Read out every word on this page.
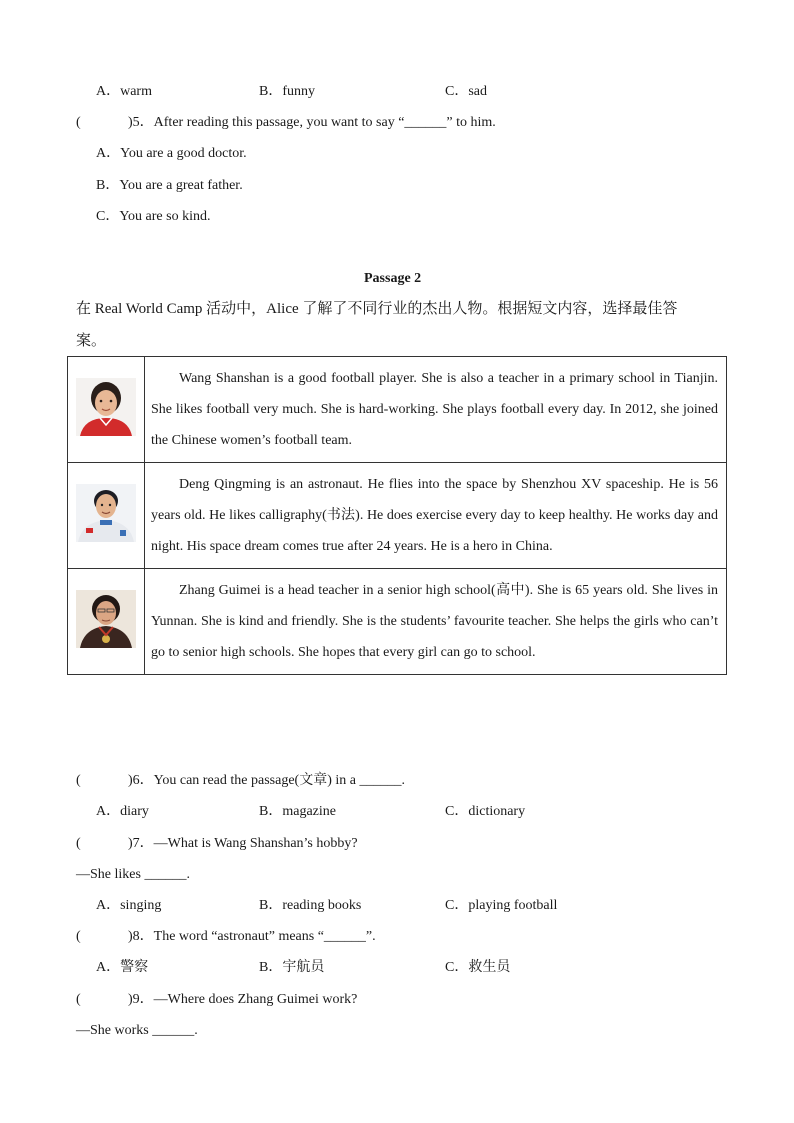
A．warm	B．funny	C．sad
(	)5．After reading this passage, you want to say “______” to him.
A．You are a good doctor.
B．You are a great father.
C．You are so kind.
Passage 2
在 Real World Camp 活动中，Alice 了解了不同行业的杰出人物。根据短文内容，选择最佳答
案。

Wang Shanshan is a good football player. She is also a teacher in a primary school in Tianjin. She likes football very much. She is hard-working. She plays football every day. In 2012, she joined the Chinese women’s football team.

Deng Qingming is an astronaut. He flies into the space by Shenzhou XV spaceship. He is 56 years old. He likes calligraphy(书法). He does exercise every day to keep healthy. He works day and night. His space dream comes true after 24 years. He is a hero in China.

Zhang Guimei is a head teacher in a senior high school(高中). She is 65 years old. She lives in Yunnan. She is kind and friendly. She is the students’ favourite teacher. She helps the girls who can’t go to senior high schools. She hopes that every girl can go to school.

(	)6．You can read the passage(文章) in a ______.
A．diary	B．magazine	C．dictionary
(	)7．—What is Wang Shanshan’s hobby?
—She likes ______.
A．singing	B．reading books	C．playing football
(	)8．The word “astronaut” means “______”.
A．警察	B．宇航员	C．救生员
(	)9．—Where does Zhang Guimei work?
—She works ______.
